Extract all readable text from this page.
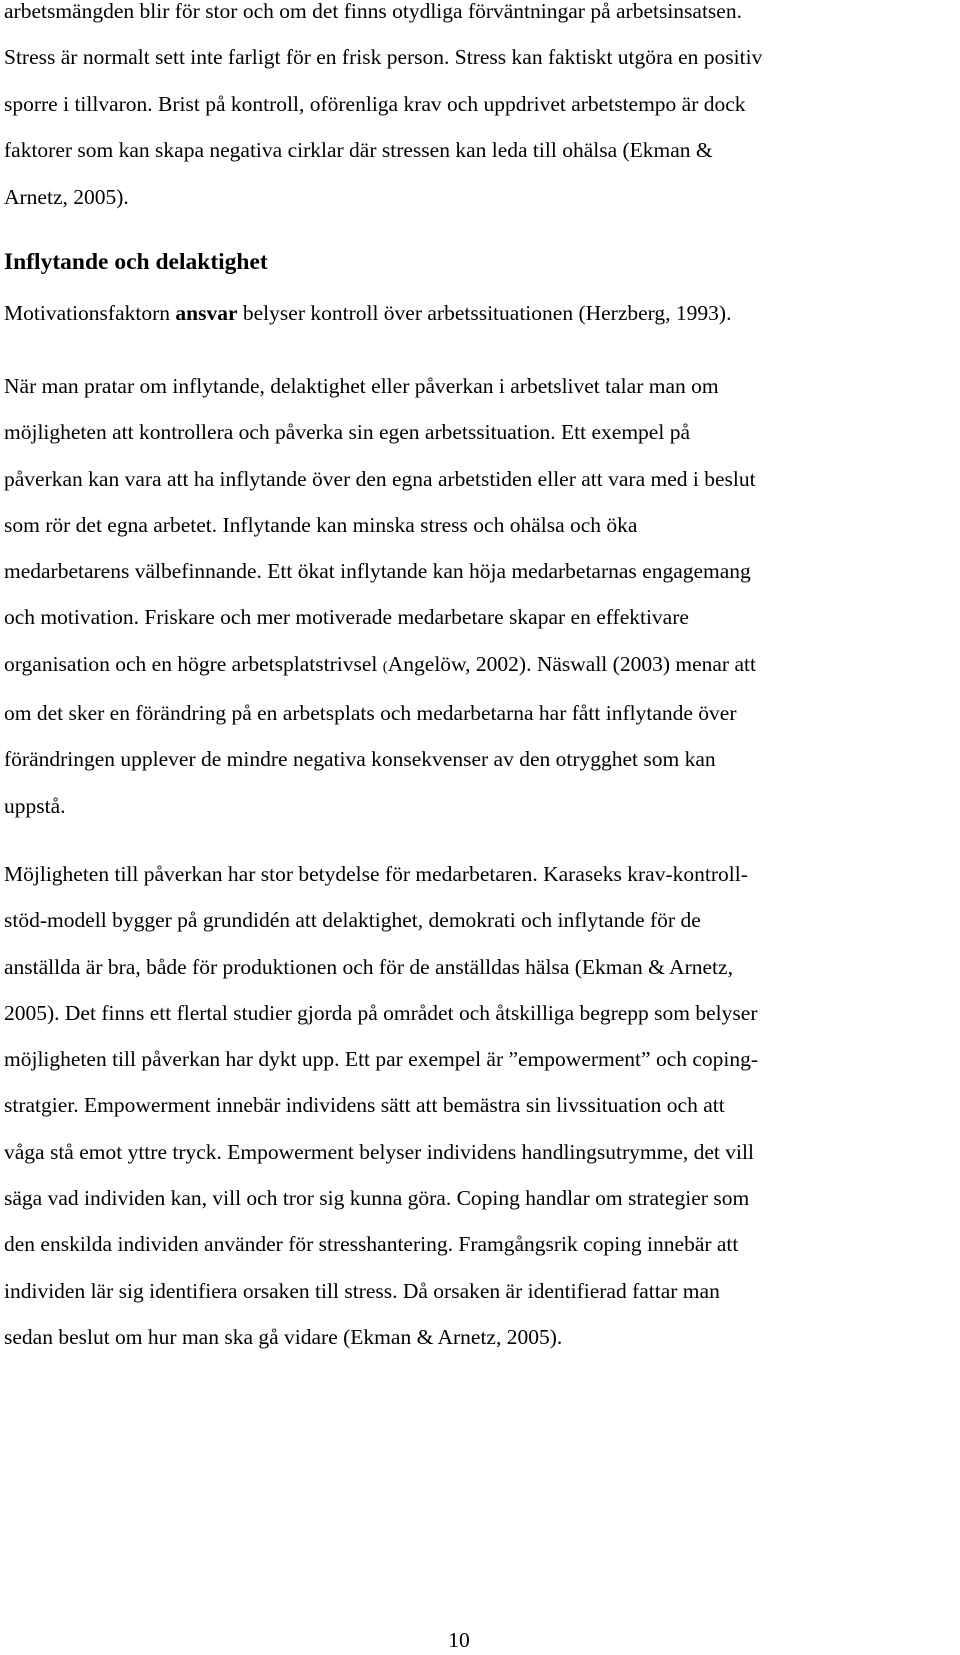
arbetsmängden blir för stor och om det finns otydliga förväntningar på arbetsinsatsen.
Stress är normalt sett inte farligt för en frisk person. Stress kan faktiskt utgöra en positiv
sporre i tillvaron. Brist på kontroll, oförenliga krav och uppdrivet arbetstempo är dock
faktorer som kan skapa negativa cirklar där stressen kan leda till ohälsa (Ekman &
Arnetz, 2005).

Inflytande och delaktighet

Motivationsfaktorn ansvar belyser kontroll över arbetssituationen (Herzberg, 1993).

När man pratar om inflytande, delaktighet eller påverkan i arbetslivet talar man om
möjligheten att kontrollera och påverka sin egen arbetssituation. Ett exempel på
påverkan kan vara att ha inflytande över den egna arbetstiden eller att vara med i beslut
som rör det egna arbetet. Inflytande kan minska stress och ohälsa och öka
medarbetarens välbefinnande. Ett ökat inflytande kan höja medarbetarnas engagemang
och motivation. Friskare och mer motiverade medarbetare skapar en effektivare
organisation och en högre arbetsplatstrivsel (Angelöw, 2002). Näswall (2003) menar att
om det sker en förändring på en arbetsplats och medarbetarna har fått inflytande över
förändringen upplever de mindre negativa konsekvenser av den otrygghet som kan
uppstå.

Möjligheten till påverkan har stor betydelse för medarbetaren. Karaseks krav-kontroll-
stöd-modell bygger på grundidén att delaktighet, demokrati och inflytande för de
anställda är bra, både för produktionen och för de anställdas hälsa (Ekman & Arnetz,
2005). Det finns ett flertal studier gjorda på området och åtskilliga begrepp som belyser
möjligheten till påverkan har dykt upp. Ett par exempel är ”empowerment” och coping-
stratgier. Empowerment innebär individens sätt att bemästra sin livssituation och att
våga stå emot yttre tryck. Empowerment belyser individens handlingsutrymme, det vill
säga vad individen kan, vill och tror sig kunna göra. Coping handlar om strategier som
den enskilda individen använder för stresshantering. Framgångsrik coping innebär att
individen lär sig identifiera orsaken till stress. Då orsaken är identifierad fattar man
sedan beslut om hur man ska gå vidare (Ekman & Arnetz, 2005).

10
